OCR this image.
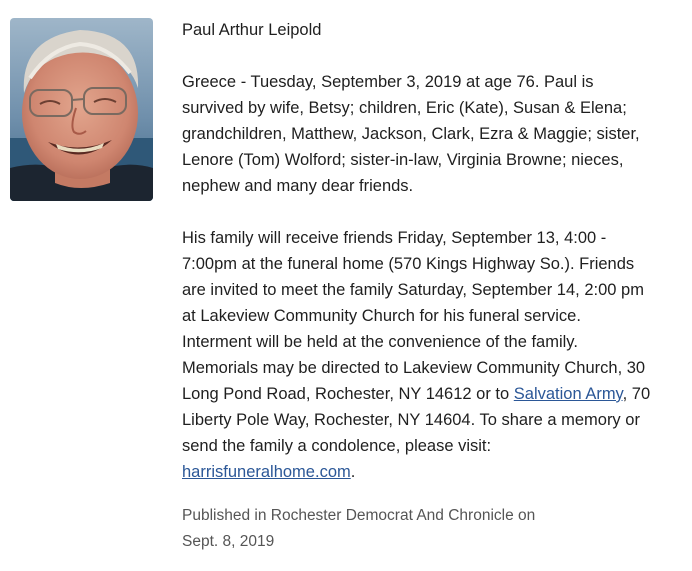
Paul Arthur Leipold

Greece - Tuesday, September 3, 2019 at age 76. Paul is survived by wife, Betsy; children, Eric (Kate), Susan & Elena; grandchildren, Matthew, Jackson, Clark, Ezra & Maggie; sister, Lenore (Tom) Wolford; sister-in-law, Virginia Browne; nieces, nephew and many dear friends.

His family will receive friends Friday, September 13, 4:00 - 7:00pm at the funeral home (570 Kings Highway So.). Friends are invited to meet the family Saturday, September 14, 2:00 pm at Lakeview Community Church for his funeral service. Interment will be held at the convenience of the family. Memorials may be directed to Lakeview Community Church, 30 Long Pond Road, Rochester, NY 14612 or to Salvation Army, 70 Liberty Pole Way, Rochester, NY 14604. To share a memory or send the family a condolence, please visit: harrisfuneralhome.com.

Published in Rochester Democrat And Chronicle on
Sept. 8, 2019
